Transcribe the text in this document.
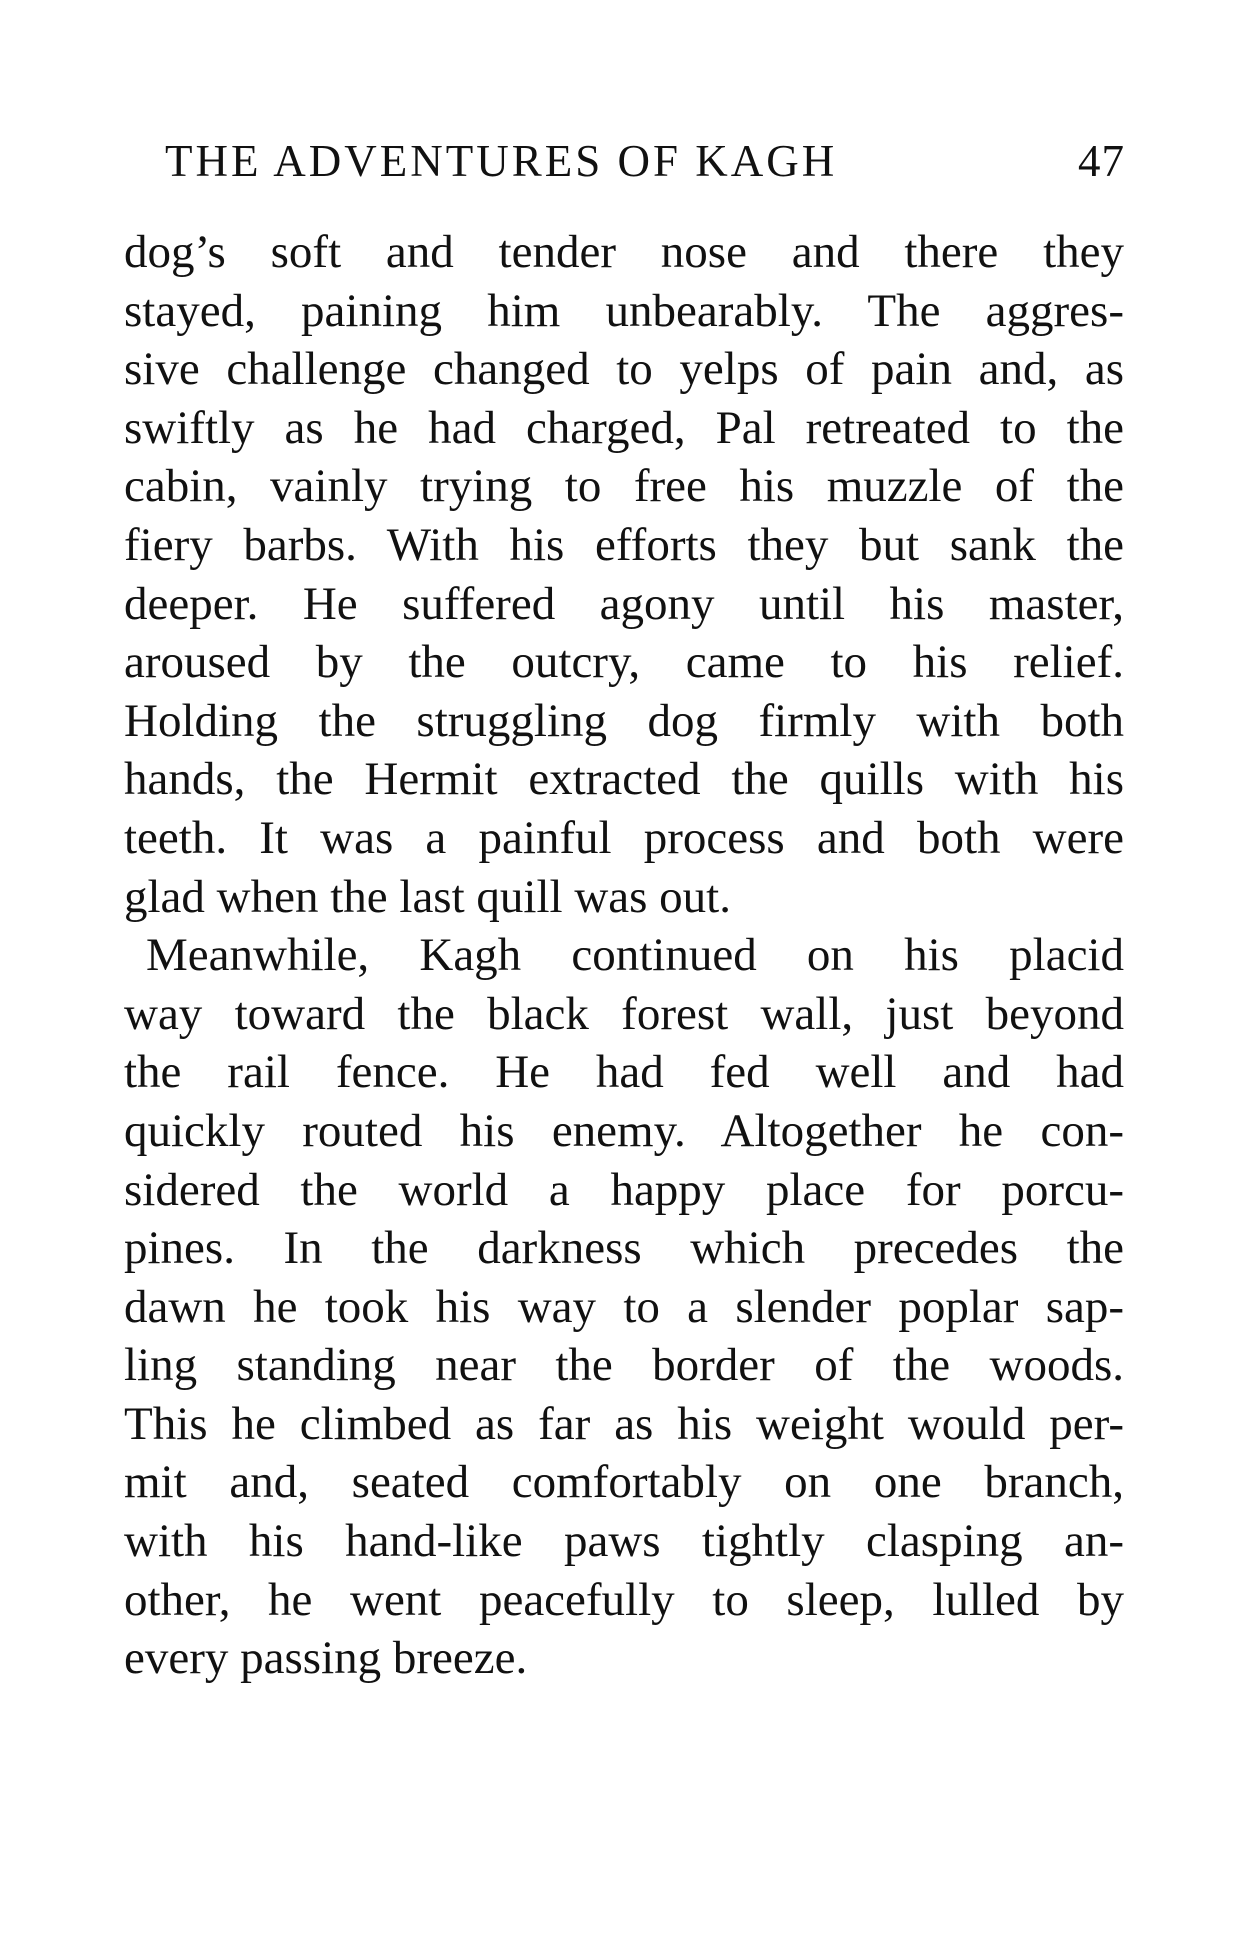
THE ADVENTURES OF KAGH	47
dog’s soft and tender nose and there they
stayed, paining him unbearably. The aggres-
sive challenge changed to yelps of pain and, as
swiftly as he had charged, Pal retreated to the
cabin, vainly trying to free his muzzle of the
fiery barbs. With his efforts they but sank the
deeper. He suffered agony until his master,
aroused by the outcry, came to his relief.
Holding the struggling dog firmly with both
hands, the Hermit extracted the quills with his
teeth. It was a painful process and both were
glad when the last quill was out.
Meanwhile, Kagh continued on his placid
way toward the black forest wall, just beyond
the rail fence. He had fed well and had
quickly routed his enemy. Altogether he con-
sidered the world a happy place for porcu-
pines. In the darkness which precedes the
dawn he took his way to a slender poplar sap-
ling standing near the border of the woods.
This he climbed as far as his weight would per-
mit and, seated comfortably on one branch,
with his hand-like paws tightly clasping an-
other, he went peacefully to sleep, lulled by
every passing breeze.
